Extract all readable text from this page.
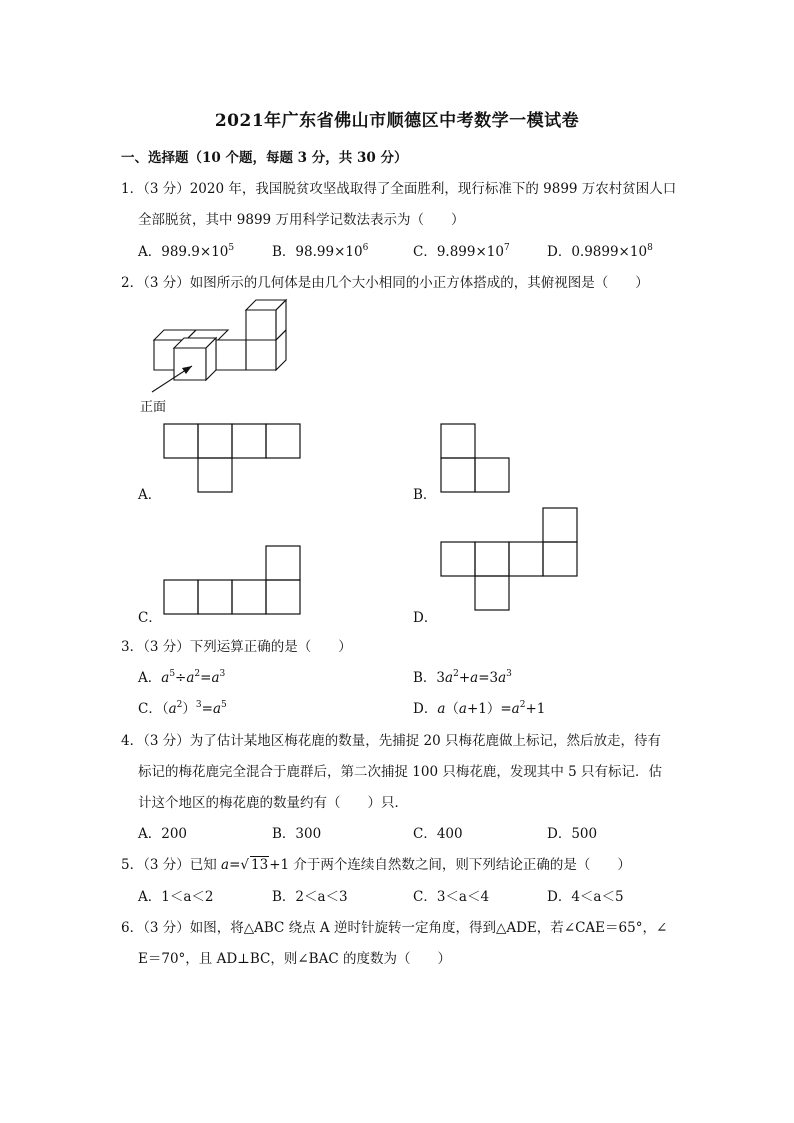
2021年广东省佛山市顺德区中考数学一模试卷
一、选择题（10 个题，每题 3 分，共 30 分）
1．（3 分）2020 年，我国脱贫攻坚战取得了全面胜利，现行标准下的 9899 万农村贫困人口
全部脱贫，其中 9899 万用科学记数法表示为（　　）
A．$989.9\times 10^5$	B．$98.99\times 10^6$	C．$9.899\times 10^7$	D．$0.9899\times 10^8$
2．（3 分）如图所示的几何体是由几个大小相同的小正方体搭成的，其俯视图是（　　）
正面
A．	B．
C．	D．
3．（3 分）下列运算正确的是（　　）
A．$a^5\div a^2=a^3$	B．$3a^2+a=3a^3$
C．$(a^2)^3=a^5$	D．$a(a+1)=a^2+1$
4．（3 分）为了估计某地区梅花鹿的数量，先捕捉 20 只梅花鹿做上标记，然后放走，待有
标记的梅花鹿完全混合于鹿群后，第二次捕捉 100 只梅花鹿，发现其中 5 只有标记．估
计这个地区的梅花鹿的数量约有（　　）只．
A．200	B．300	C．400	D．500
5．（3 分）已知 a=√ 13+1 介于两个连续自然数之间，则下列结论正确的是（　　）
A．1＜a＜2	B．2＜a＜3	C．3＜a＜4	D．4＜a＜5
6．（3 分）如图，将△ABC 绕点 A 逆时针旋转一定角度，得到△ADE，若∠CAE＝65°，∠
E＝70°，且 AD⊥BC，则∠BAC 的度数为（　　）
